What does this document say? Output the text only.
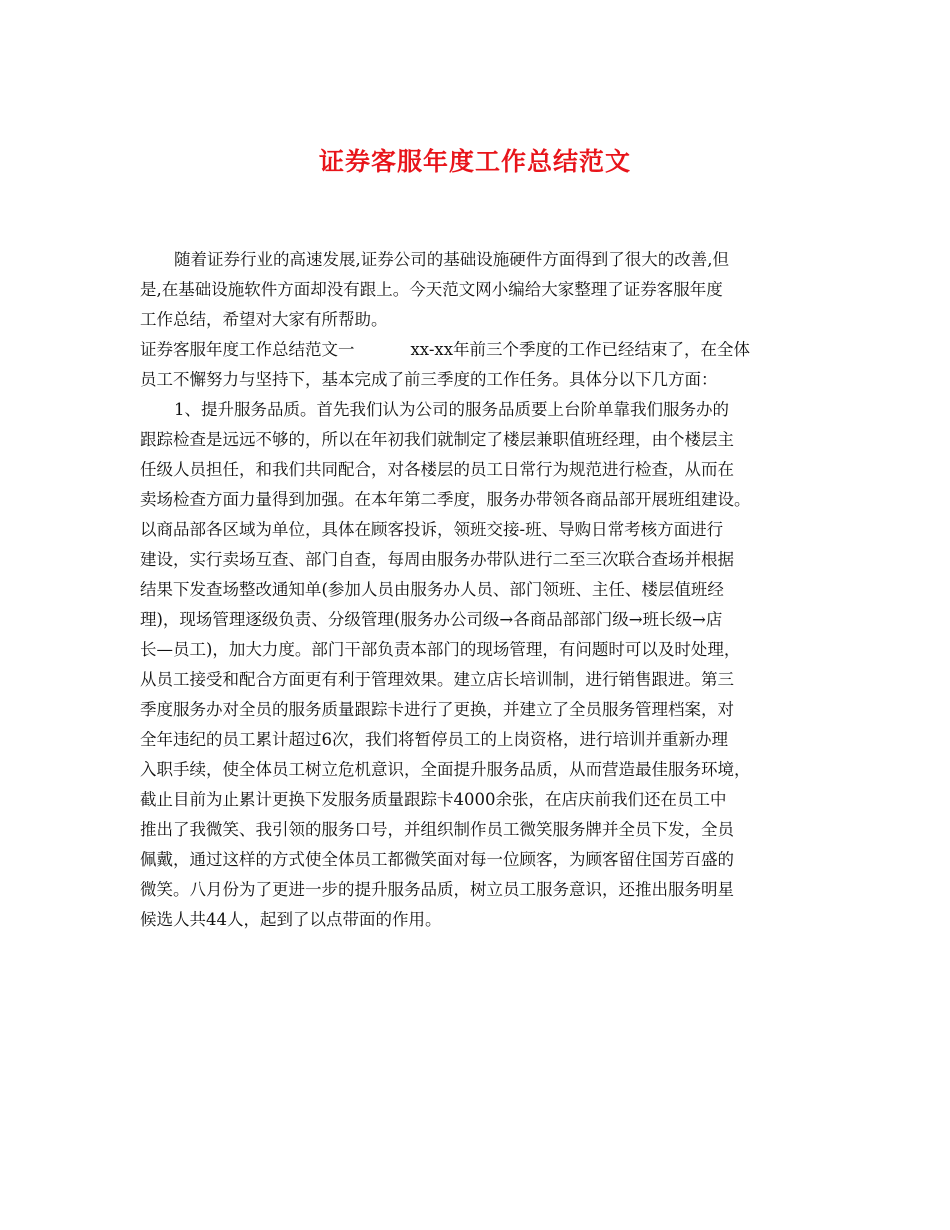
证券客服年度工作总结范文
随着证券行业的高速发展,证券公司的基础设施硬件方面得到了很大的改善,但
是,在基础设施软件方面却没有跟上。今天范文网小编给大家整理了证券客服年度
工作总结，希望对大家有所帮助。
证券客服年度工作总结范文一	xx-xx年前三个季度的工作已经结束了，在全体
员工不懈努力与坚持下，基本完成了前三季度的工作任务。具体分以下几方面：
1、提升服务品质。首先我们认为公司的服务品质要上台阶单靠我们服务办的
跟踪检查是远远不够的，所以在年初我们就制定了楼层兼职值班经理，由个楼层主
任级人员担任，和我们共同配合，对各楼层的员工日常行为规范进行检查，从而在
卖场检查方面力量得到加强。在本年第二季度，服务办带领各商品部开展班组建设。
以商品部各区域为单位，具体在顾客投诉，领班交接-班、导购日常考核方面进行
建设，实行卖场互查、部门自查，每周由服务办带队进行二至三次联合查场并根据
结果下发查场整改通知单(参加人员由服务办人员、部门领班、主任、楼层值班经
理)，现场管理逐级负责、分级管理(服务办公司级→各商品部部门级→班长级→店
长—员工)，加大力度。部门干部负责本部门的现场管理，有问题时可以及时处理，
从员工接受和配合方面更有利于管理效果。建立店长培训制，进行销售跟进。第三
季度服务办对全员的服务质量跟踪卡进行了更换，并建立了全员服务管理档案，对
全年违纪的员工累计超过6次，我们将暂停员工的上岗资格，进行培训并重新办理
入职手续，使全体员工树立危机意识，全面提升服务品质，从而营造最佳服务环境，
截止目前为止累计更换下发服务质量跟踪卡4000余张，在店庆前我们还在员工中
推出了我微笑、我引领的服务口号，并组织制作员工微笑服务牌并全员下发，全员
佩戴，通过这样的方式使全体员工都微笑面对每一位顾客，为顾客留住国芳百盛的
微笑。八月份为了更进一步的提升服务品质，树立员工服务意识，还推出服务明星
候选人共44人，起到了以点带面的作用。
